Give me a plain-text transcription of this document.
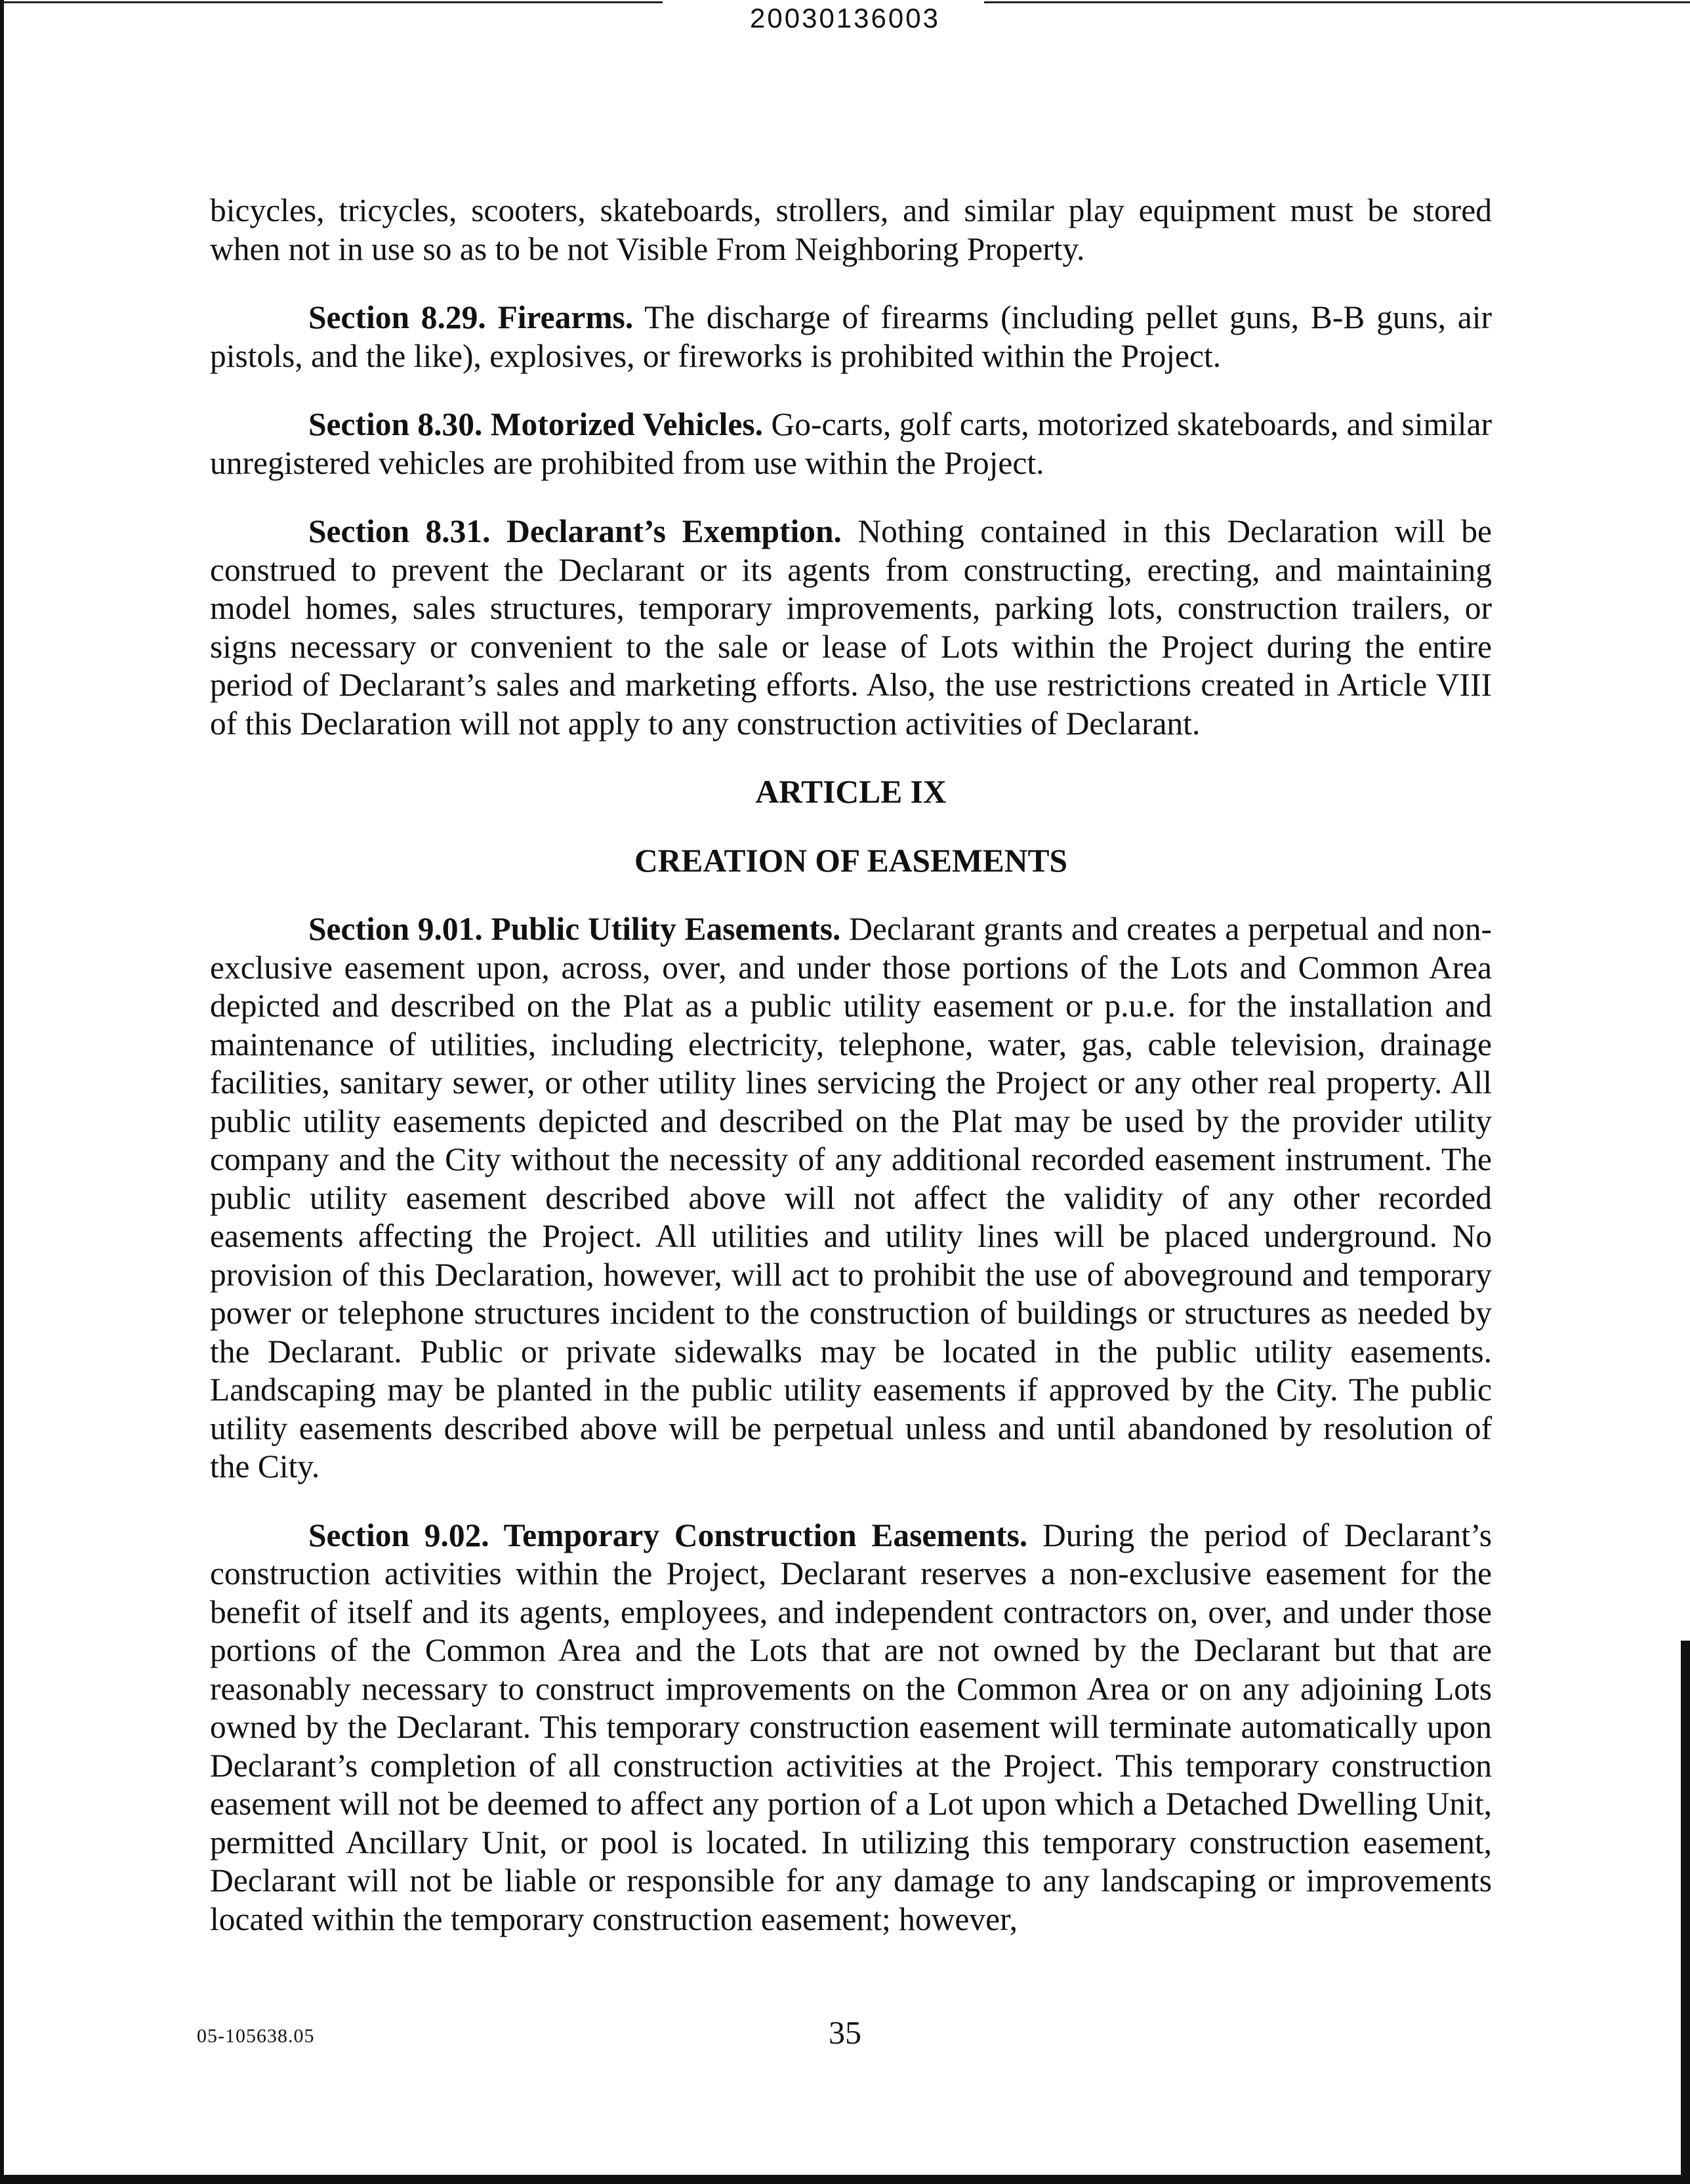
20030136003

bicycles, tricycles, scooters, skateboards, strollers, and similar play equipment must be stored when not in use so as to be not Visible From Neighboring Property.

Section 8.29. Firearms. The discharge of firearms (including pellet guns, B-B guns, air pistols, and the like), explosives, or fireworks is prohibited within the Project.

Section 8.30. Motorized Vehicles. Go-carts, golf carts, motorized skateboards, and similar unregistered vehicles are prohibited from use within the Project.

Section 8.31. Declarant’s Exemption. Nothing contained in this Declaration will be construed to prevent the Declarant or its agents from constructing, erecting, and maintaining model homes, sales structures, temporary improvements, parking lots, construction trailers, or signs necessary or convenient to the sale or lease of Lots within the Project during the entire period of Declarant’s sales and marketing efforts. Also, the use restrictions created in Article VIII of this Declaration will not apply to any construction activities of Declarant.

ARTICLE IX
CREATION OF EASEMENTS

Section 9.01. Public Utility Easements. Declarant grants and creates a perpetual and non-exclusive easement upon, across, over, and under those portions of the Lots and Common Area depicted and described on the Plat as a public utility easement or p.u.e. for the installation and maintenance of utilities, including electricity, telephone, water, gas, cable television, drainage facilities, sanitary sewer, or other utility lines servicing the Project or any other real property. All public utility easements depicted and described on the Plat may be used by the provider utility company and the City without the necessity of any additional recorded easement instrument. The public utility easement described above will not affect the validity of any other recorded easements affecting the Project. All utilities and utility lines will be placed underground. No provision of this Declaration, however, will act to prohibit the use of aboveground and temporary power or telephone structures incident to the construction of buildings or structures as needed by the Declarant. Public or private sidewalks may be located in the public utility easements. Landscaping may be planted in the public utility easements if approved by the City. The public utility easements described above will be perpetual unless and until abandoned by resolution of the City.

Section 9.02. Temporary Construction Easements. During the period of Declarant’s construction activities within the Project, Declarant reserves a non-exclusive easement for the benefit of itself and its agents, employees, and independent contractors on, over, and under those portions of the Common Area and the Lots that are not owned by the Declarant but that are reasonably necessary to construct improvements on the Common Area or on any adjoining Lots owned by the Declarant. This temporary construction easement will terminate automatically upon Declarant’s completion of all construction activities at the Project. This temporary construction easement will not be deemed to affect any portion of a Lot upon which a Detached Dwelling Unit, permitted Ancillary Unit, or pool is located. In utilizing this temporary construction easement, Declarant will not be liable or responsible for any damage to any landscaping or improvements located within the temporary construction easement; however,

05-105638.05	35
